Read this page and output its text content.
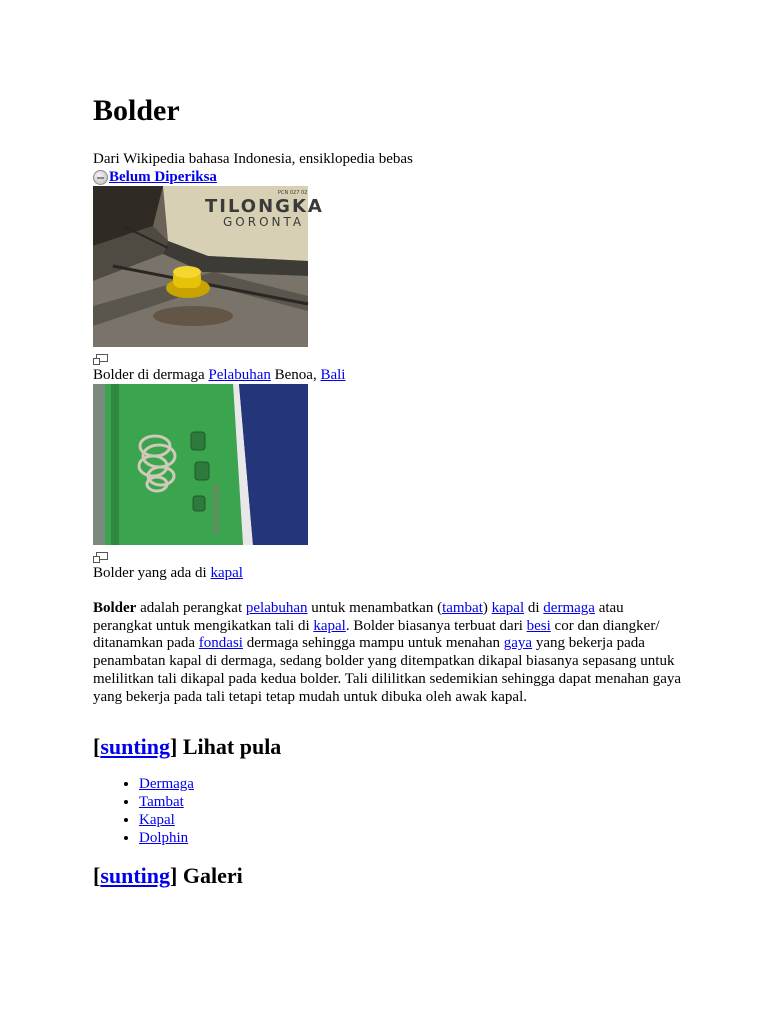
Bolder
Dari Wikipedia bahasa Indonesia, ensiklopedia bebas
Belum Diperiksa
TILONGKA
GORONTA
PCN 027 02
Bolder di dermaga Pelabuhan Benoa, Bali
Bolder yang ada di kapal

Bolder adalah perangkat pelabuhan untuk menambatkan (tambat) kapal di dermaga atau perangkat untuk mengikatkan tali di kapal. Bolder biasanya terbuat dari besi cor dan diangker/ ditanamkan pada fondasi dermaga sehingga mampu untuk menahan gaya yang bekerja pada penambatan kapal di dermaga, sedang bolder yang ditempatkan dikapal biasanya sepasang untuk melilitkan tali dikapal pada kedua bolder. Tali dililitkan sedemikian sehingga dapat menahan gaya yang bekerja pada tali tetapi tetap mudah untuk dibuka oleh awak kapal.

[sunting] Lihat pula
• Dermaga
• Tambat
• Kapal
• Dolphin
[sunting] Galeri
